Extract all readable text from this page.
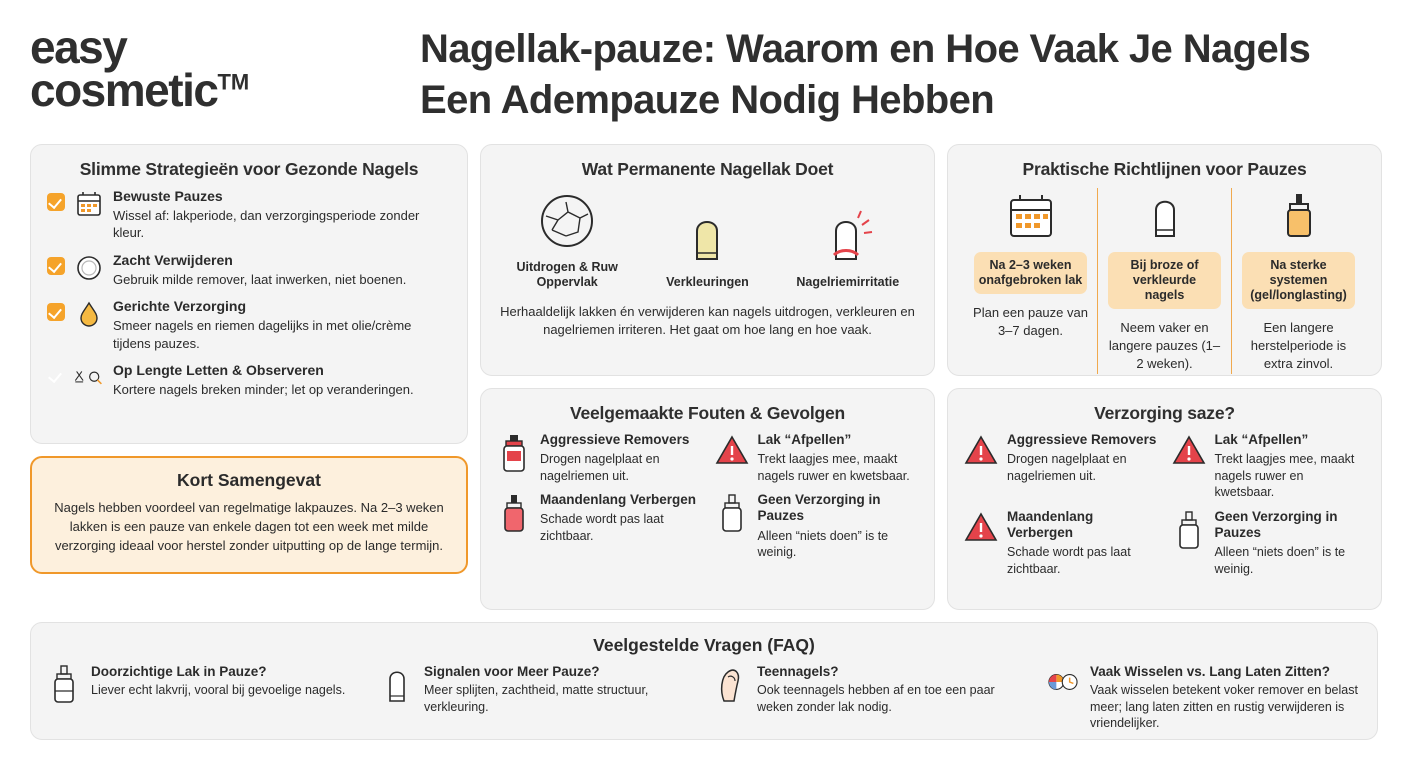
easy
cosmetic™
Nagellak-pauze: Waarom en Hoe Vaak Je Nagels Een Adempauze Nodig Hebben
Wat Permanente Nagellak Doet
Uitdrogen & Ruw Oppervlak	Verkleuringen	Nagelriemirritatie
Herhaaldelijk lakken én verwijderen kan nagels uitdrogen, verkleuren en nagelriemen irriteren. Het gaat om hoe lang en hoe vaak.
Praktische Richtlijnen voor Pauzes
Na 2–3 weken onafgebroken lak
Plan een pauze van 3–7 dagen.
Bij broze of verkleurde nagels
Neem vaker en langere pauzes (1–2 weken).
Na sterke systemen (gel/longlasting)
Een langere herstelperiode is extra zinvol.
Slimme Strategieën voor Gezonde Nagels
Bewuste Pauzes
Wissel af: lakperiode, dan verzorgingsperiode zonder kleur.
Zacht Verwijderen
Gebruik milde remover, laat inwerken, niet boenen.
Gerichte Verzorging
Smeer nagels en riemen dagelijks in met olie/crème tijdens pauzes.
Op Lengte Letten & Observeren
Kortere nagels breken minder; let op veranderingen.
Kort Samengevat

Nagels hebben voordeel van regelmatige lakpauzes. Na 2–3 weken lakken is een pauze van enkele dagen tot een week met milde verzorging ideaal voor herstel zonder uitputting op de lange termijn.

Veelgemaakte Fouten & Gevolgen
Aggressieve Removers
Drogen nagelplaat en nagelriemen uit.
Lak “Afpellen”
Trekt laagjes mee, maakt nagels ruwer en kwetsbaar.
Maandenlang Verbergen
Schade wordt pas laat zichtbaar.
Geen Verzorging in Pauzes
Alleen “niets doen” is te weinig.
Verzorging saze?
Aggressieve Removers
Drogen nagelplaat en nagelriemen uit.
Lak “Afpellen”
Trekt laagjes mee, maakt nagels ruwer en kwetsbaar.
Maandenlang Verbergen
Schade wordt pas laat zichtbaar.
Geen Verzorging in Pauzes
Alleen “niets doen” is te weinig.
Veelgestelde Vragen (FAQ)
Doorzichtige Lak in Pauze?
Liever echt lakvrij, vooral bij gevoelige nagels.
Signalen voor Meer Pauze?
Meer splijten, zachtheid, matte structuur, verkleuring.
Teennagels?
Ook teennagels hebben af en toe een paar weken zonder lak nodig.
Vaak Wisselen vs. Lang Laten Zitten?
Vaak wisselen betekent voker remover en belast meer; lang laten zitten en rustig verwijderen is vriendelijker.
